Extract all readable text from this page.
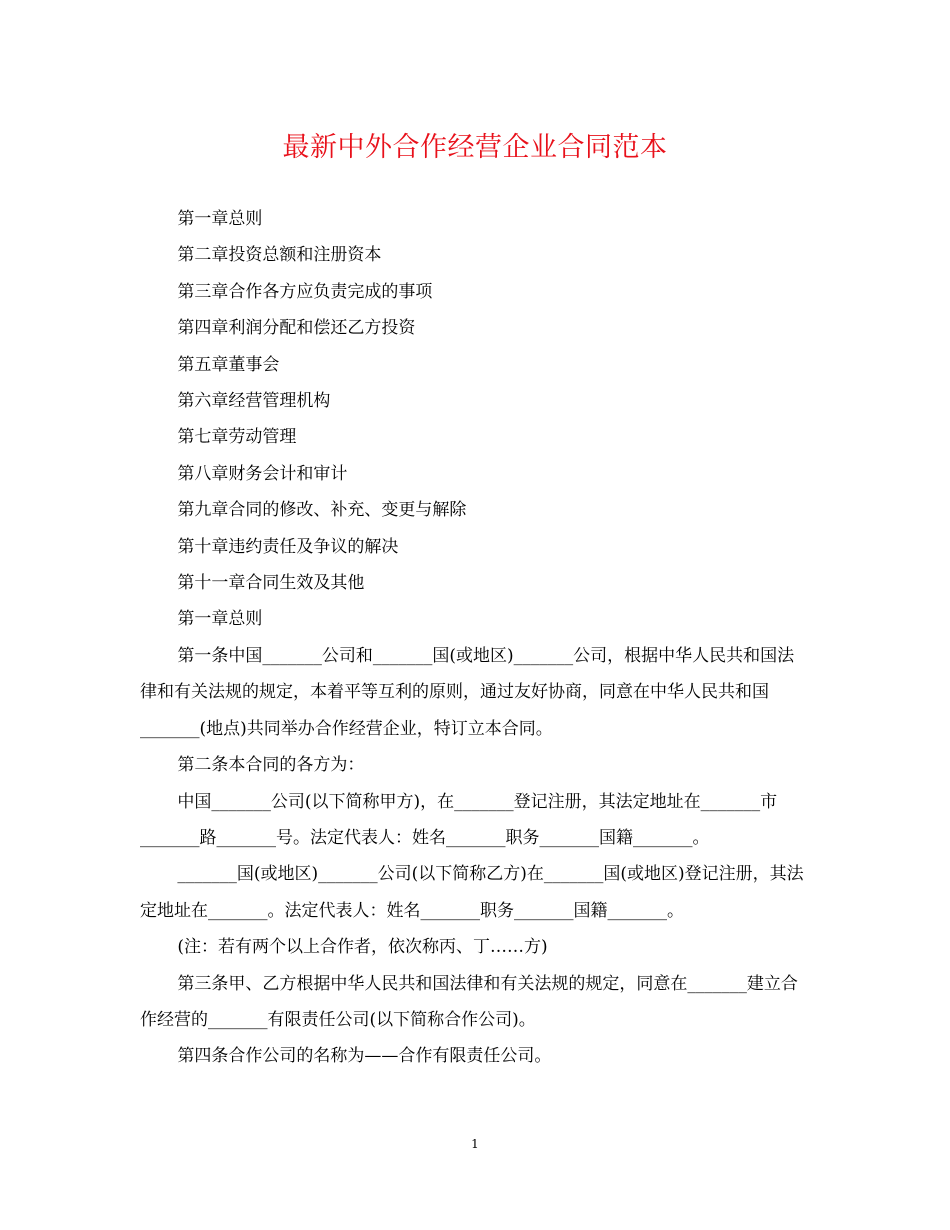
最新中外合作经营企业合同范本

第一章总则

第二章投资总额和注册资本

第三章合作各方应负责完成的事项

第四章利润分配和偿还乙方投资

第五章董事会

第六章经营管理机构

第七章劳动管理

第八章财务会计和审计

第九章合同的修改、补充、变更与解除

第十章违约责任及争议的解决

第十一章合同生效及其他

第一章总则

第一条中国_______公司和_______国(或地区)_______公司，根据中华人民共和国法律和有关法规的规定，本着平等互利的原则，通过友好协商，同意在中华人民共和国_______(地点)共同举办合作经营企业，特订立本合同。

第二条本合同的各方为：

中国_______公司(以下简称甲方)，在_______登记注册，其法定地址在_______市_______路_______号。法定代表人：姓名_______职务_______国籍_______。

_______国(或地区)_______公司(以下简称乙方)在_______国(或地区)登记注册，其法定地址在_______。法定代表人：姓名_______职务_______国籍_______。

(注：若有两个以上合作者，依次称丙、丁……方)

第三条甲、乙方根据中华人民共和国法律和有关法规的规定，同意在_______建立合作经营的_______有限责任公司(以下简称合作公司)。

第四条合作公司的名称为——合作有限责任公司。

1
